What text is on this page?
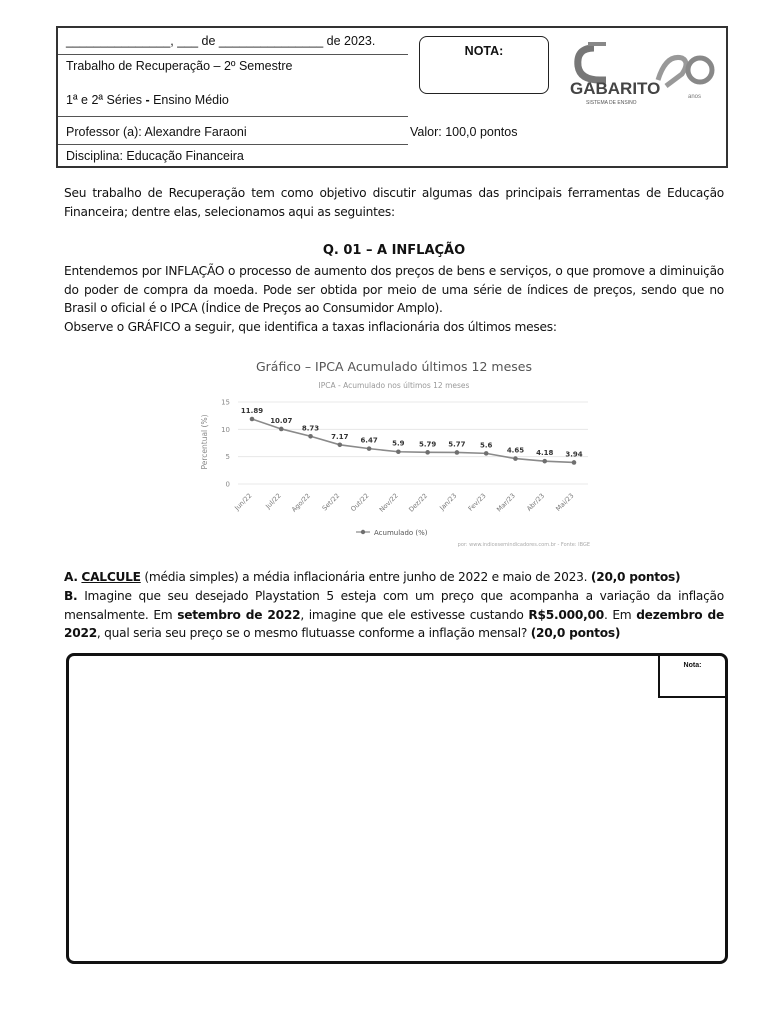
_______________, ___ de _______________ de 2023.
Trabalho de Recuperação – 2º Semestre
1ª e 2ª Séries - Ensino Médio
Professor (a): Alexandre Faraoni
Disciplina: Educação Financeira
NOTA:
Valor: 100,0 pontos
GABARITO
SISTEMA DE ENSINO
anos
Seu trabalho de Recuperação tem como objetivo discutir algumas das principais ferramentas de Educação Financeira; dentre elas, selecionamos aqui as seguintes:
Q. 01 – A INFLAÇÃO
Entendemos por INFLAÇÃO o processo de aumento dos preços de bens e serviços, o que promove a diminuição do poder de compra da moeda. Pode ser obtida por meio de uma série de índices de preços, sendo que no Brasil o oficial é o IPCA (Índice de Preços ao Consumidor Amplo).
Observe o GRÁFICO a seguir, que identifica a taxas inflacionária dos últimos meses:
Gráfico – IPCA Acumulado últimos 12 meses
IPCA - Acumulado nos últimos 12 meses
Percentual (%)
0
5
10
15
11.89
10.07
8.73
7.17 6.47 5.9 5.79 5.77 5.6
4.65 4.18 3.94
Jun/22 Jul/22 Ago/22 Set/22 Out/22 Nov/22 Dez/22 Jan/23 Fev/23 Mar/23 Abr/23 Mai/23
Acumulado (%)
por: www.indicesemindicadores.com.br - Fonte: IBGE
A. CALCULE (média simples) a média inflacionária entre junho de 2022 e maio de 2023. (20,0 pontos)
B. Imagine que seu desejado Playstation 5 esteja com um preço que acompanha a variação da inflação mensalmente. Em setembro de 2022, imagine que ele estivesse custando R$5.000,00. Em dezembro de 2022, qual seria seu preço se o mesmo flutuasse conforme a inflação mensal? (20,0 pontos)
Nota:
